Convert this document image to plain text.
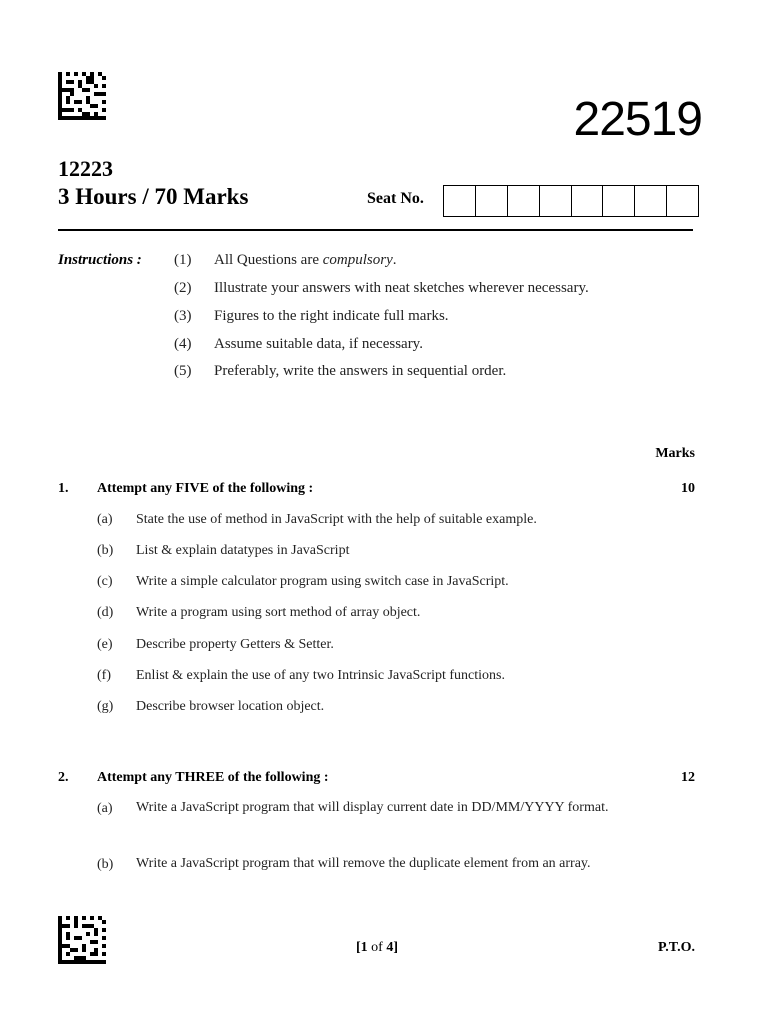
22519
12223
3 Hours / 70 Marks	Seat No.
Instructions : (1) All Questions are compulsory.
(2) Illustrate your answers with neat sketches wherever necessary.
(3) Figures to the right indicate full marks.
(4) Assume suitable data, if necessary.
(5) Preferably, write the answers in sequential order.
Marks
1. Attempt any FIVE of the following :	10
(a) State the use of method in JavaScript with the help of suitable example.
(b) List & explain datatypes in JavaScript
(c) Write a simple calculator program using switch case in JavaScript.
(d) Write a program using sort method of array object.
(e) Describe property Getters & Setter.
(f) Enlist & explain the use of any two Intrinsic JavaScript functions.
(g) Describe browser location object.
2. Attempt any THREE of the following :	12
(a) Write a JavaScript program that will display current date in DD/MM/YYYY format.
(b) Write a JavaScript program that will remove the duplicate element from an array.
[1 of 4]	P.T.O.
